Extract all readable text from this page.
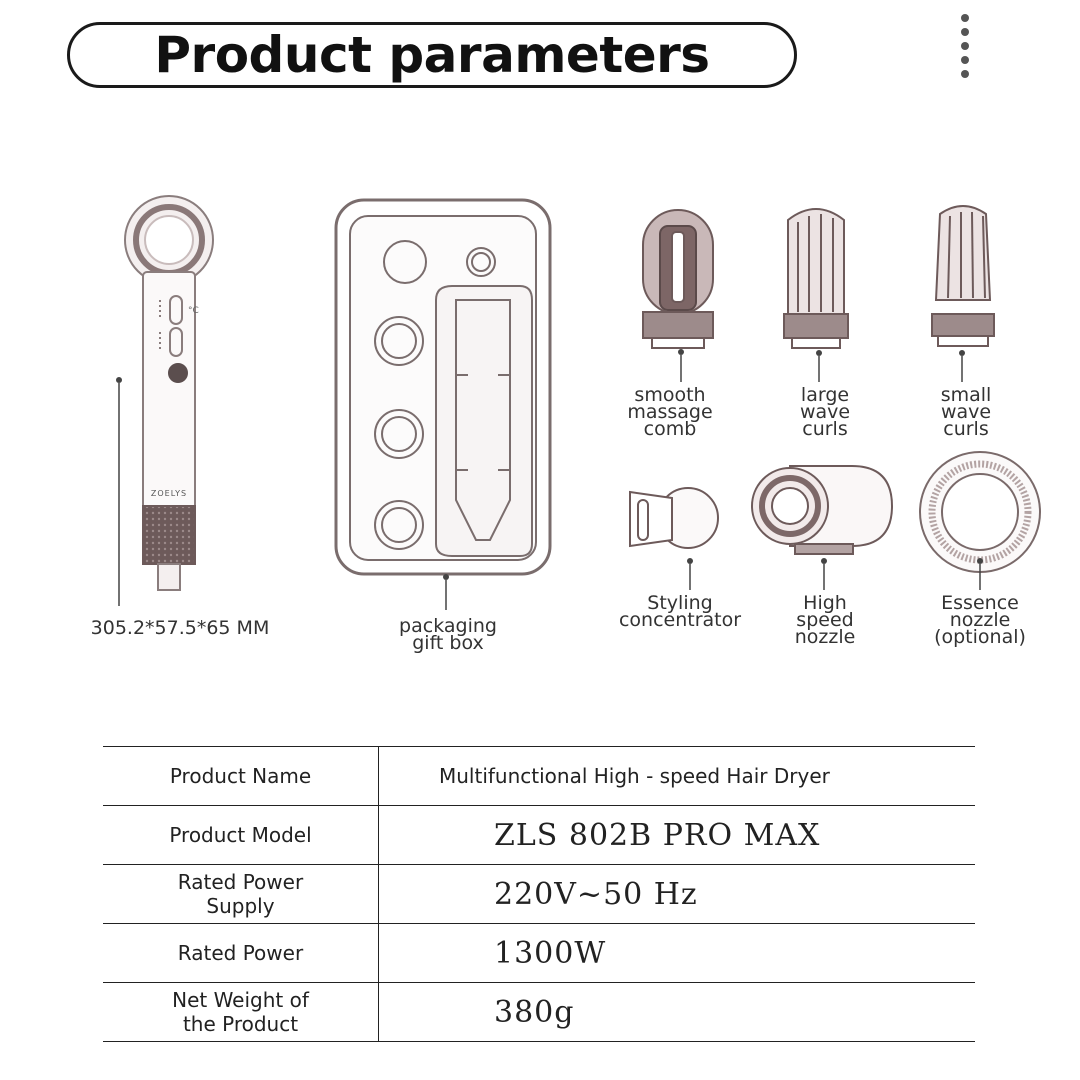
Product parameters
°C
ZOELYS
305.2*57.5*65 MM	packaging
gift box
smooth
massage
comb
large
wave
curls
small
wave
curls
Styling
concentrator
High
speed
nozzle
Essence
nozzle
(optional)
Product Name	Multifunctional High - speed Hair Dryer
Product Model	ZLS 802B PRO MAX
Rated Power
Supply	220V~50 Hz
Rated Power	1300W
Net Weight of
the Product	380g
